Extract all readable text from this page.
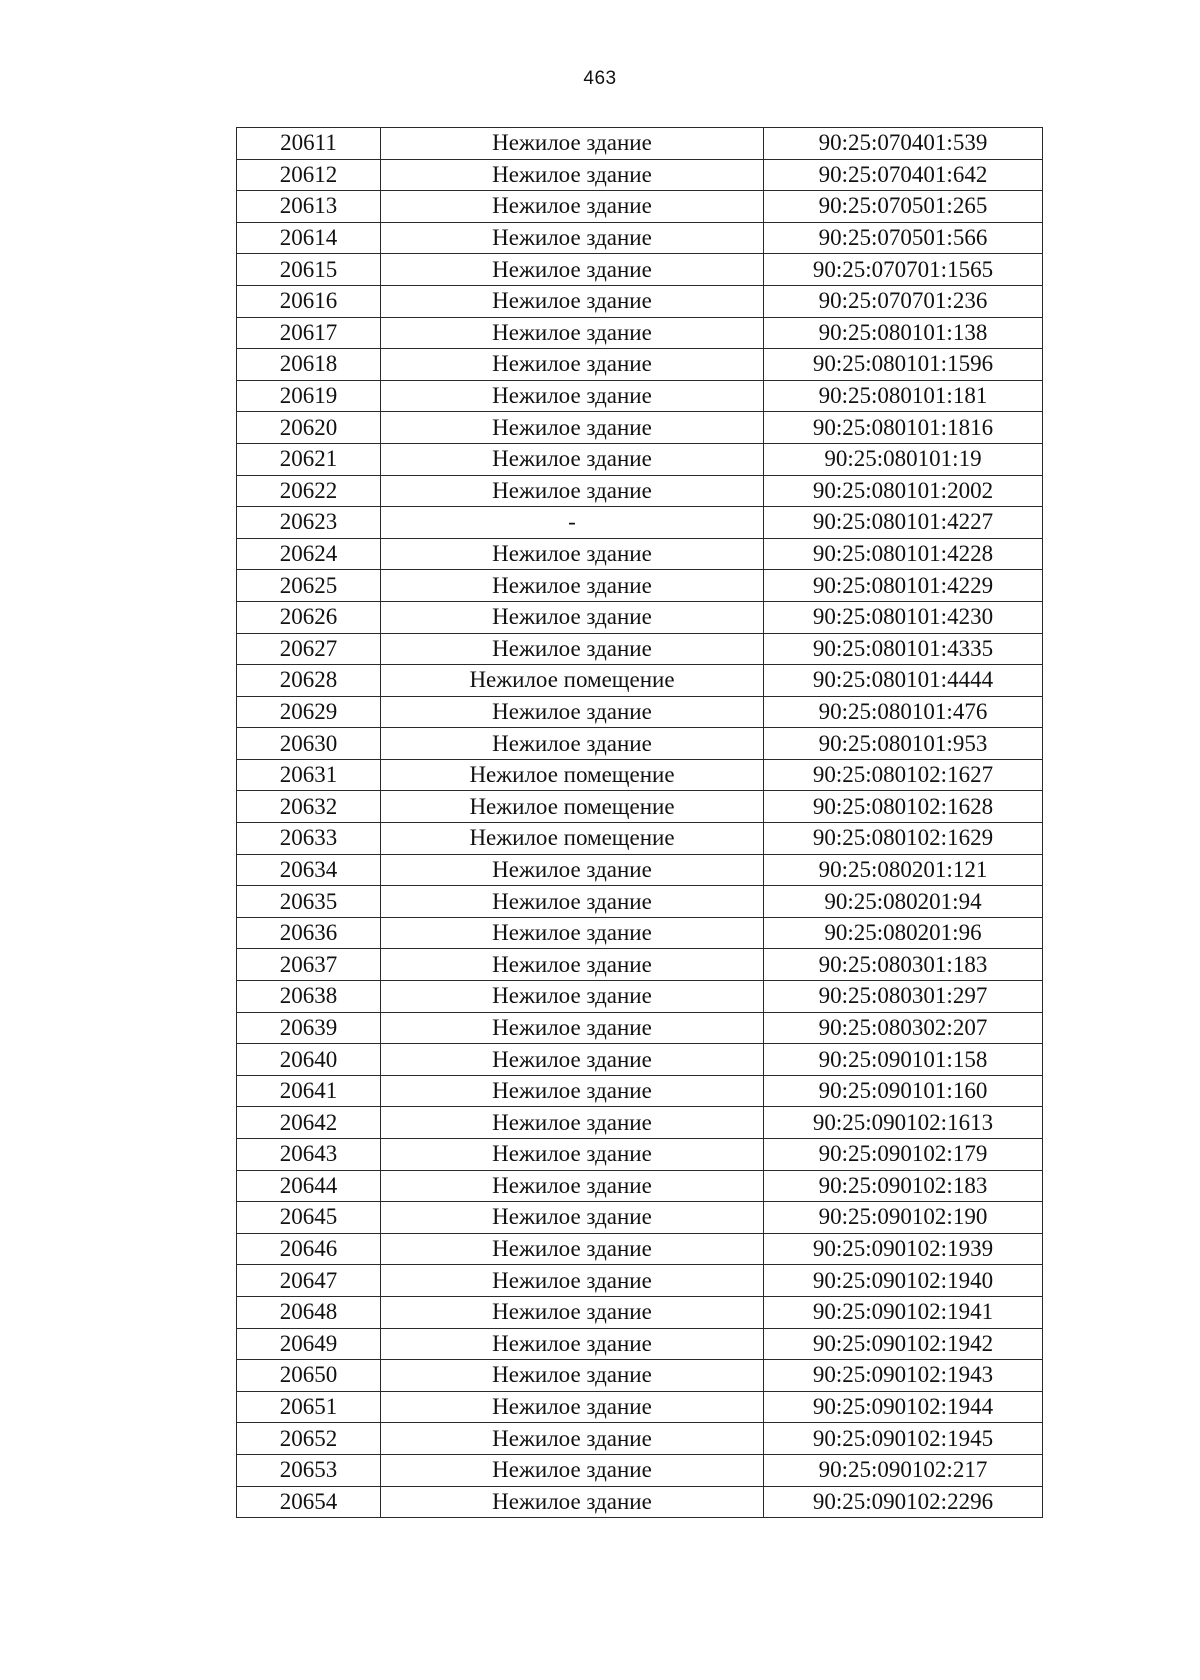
463
20611	Нежилое здание	90:25:070401:539
20612	Нежилое здание	90:25:070401:642
20613	Нежилое здание	90:25:070501:265
20614	Нежилое здание	90:25:070501:566
20615	Нежилое здание	90:25:070701:1565
20616	Нежилое здание	90:25:070701:236
20617	Нежилое здание	90:25:080101:138
20618	Нежилое здание	90:25:080101:1596
20619	Нежилое здание	90:25:080101:181
20620	Нежилое здание	90:25:080101:1816
20621	Нежилое здание	90:25:080101:19
20622	Нежилое здание	90:25:080101:2002
20623	-	90:25:080101:4227
20624	Нежилое здание	90:25:080101:4228
20625	Нежилое здание	90:25:080101:4229
20626	Нежилое здание	90:25:080101:4230
20627	Нежилое здание	90:25:080101:4335
20628	Нежилое помещение	90:25:080101:4444
20629	Нежилое здание	90:25:080101:476
20630	Нежилое здание	90:25:080101:953
20631	Нежилое помещение	90:25:080102:1627
20632	Нежилое помещение	90:25:080102:1628
20633	Нежилое помещение	90:25:080102:1629
20634	Нежилое здание	90:25:080201:121
20635	Нежилое здание	90:25:080201:94
20636	Нежилое здание	90:25:080201:96
20637	Нежилое здание	90:25:080301:183
20638	Нежилое здание	90:25:080301:297
20639	Нежилое здание	90:25:080302:207
20640	Нежилое здание	90:25:090101:158
20641	Нежилое здание	90:25:090101:160
20642	Нежилое здание	90:25:090102:1613
20643	Нежилое здание	90:25:090102:179
20644	Нежилое здание	90:25:090102:183
20645	Нежилое здание	90:25:090102:190
20646	Нежилое здание	90:25:090102:1939
20647	Нежилое здание	90:25:090102:1940
20648	Нежилое здание	90:25:090102:1941
20649	Нежилое здание	90:25:090102:1942
20650	Нежилое здание	90:25:090102:1943
20651	Нежилое здание	90:25:090102:1944
20652	Нежилое здание	90:25:090102:1945
20653	Нежилое здание	90:25:090102:217
20654	Нежилое здание	90:25:090102:2296
